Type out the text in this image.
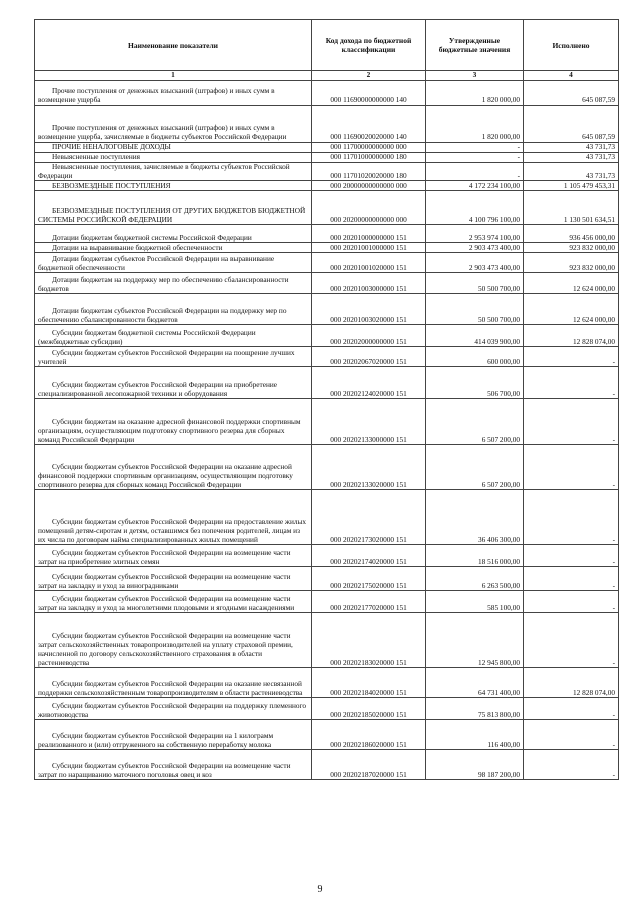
Наименование показатели	Код дохода по бюджетной классификации	Утвержденные бюджетные значения	Исполнено
1	2	3	4
Прочие поступления от денежных взысканий (штрафов) и иных сумм в возмещение ущерба	000 11690000000000 140	1 820 000,00	645 087,59
Прочие поступления от денежных взысканий (штрафов) и иных сумм в возмещение ущерба, зачисляемые в бюджеты субъектов Российской Федерации	000 11690020020000 140	1 820 000,00	645 087,59
ПРОЧИЕ НЕНАЛОГОВЫЕ ДОХОДЫ	000 11700000000000 000	-	43 731,73
Невыясненные поступления	000 11701000000000 180	-	43 731,73
Невыясненные поступления, зачисляемые в бюджеты субъектов Российской Федерации	000 11701020020000 180	-	43 731,73
БЕЗВОЗМЕЗДНЫЕ ПОСТУПЛЕНИЯ	000 20000000000000 000	4 172 234 100,00	1 105 479 453,31
БЕЗВОЗМЕЗДНЫЕ ПОСТУПЛЕНИЯ ОТ ДРУГИХ БЮДЖЕТОВ БЮДЖЕТНОЙ СИСТЕМЫ РОССИЙСКОЙ ФЕДЕРАЦИИ	000 20200000000000 000	4 100 796 100,00	1 130 501 634,51
Дотации бюджетам бюджетной системы Российской Федерации	000 20201000000000 151	2 953 974 100,00	936 456 000,00
Дотации на выравнивание бюджетной обеспеченности	000 20201001000000 151	2 903 473 400,00	923 832 000,00
Дотации бюджетам субъектов Российской Федерации на выравнивание бюджетной обеспеченности	000 20201001020000 151	2 903 473 400,00	923 832 000,00
Дотации бюджетам на поддержку мер по обеспечению сбалансированности бюджетов	000 20201003000000 151	50 500 700,00	12 624 000,00
Дотации бюджетам субъектов Российской Федерации на поддержку мер по обеспечению сбалансированности бюджетов	000 20201003020000 151	50 500 700,00	12 624 000,00
Субсидии бюджетам бюджетной системы Российской Федерации (межбюджетные субсидии)	000 20202000000000 151	414 039 900,00	12 828 074,00
Субсидии бюджетам субъектов Российской Федерации на поощрение лучших учителей	000 20202067020000 151	600 000,00	-
Субсидии бюджетам субъектов Российской Федерации на приобретение специализированной лесопожарной техники и оборудования	000 20202124020000 151	506 700,00	-
Субсидии бюджетам на оказание адресной финансовой поддержки спортивным организациям, осуществляющим подготовку спортивного резерва для сборных команд Российской Федерации	000 20202133000000 151	6 507 200,00	-
Субсидии бюджетам субъектов Российской Федерации на оказание адресной финансовой поддержки спортивным организациям, осуществляющим подготовку спортивного резерва для сборных команд Российской Федерации	000 20202133020000 151	6 507 200,00	-
Субсидии бюджетам субъектов Российской Федерации на предоставление жилых помещений детям-сиротам и детям, оставшимся без попечения родителей, лицам из их числа по договорам найма специализированных жилых помещений	000 20202173020000 151	36 406 300,00	-
Субсидии бюджетам субъектов Российской Федерации на возмещение части затрат на приобретение элитных семян	000 20202174020000 151	18 516 000,00	-
Субсидии бюджетам субъектов Российской Федерации на возмещение части затрат на закладку и уход за виноградниками	000 20202175020000 151	6 263 500,00	-
Субсидии бюджетам субъектов Российской Федерации на возмещение части затрат на закладку и уход за многолетними плодовыми и ягодными насаждениями	000 20202177020000 151	585 100,00	-
Субсидии бюджетам субъектов Российской Федерации на возмещение части затрат сельскохозяйственных товаропроизводителей на уплату страховой премии, начисленной по договору сельскохозяйственного страхования в области растениеводства	000 20202183020000 151	12 945 800,00	-
Субсидии бюджетам субъектов Российской Федерации на оказание несвязанной поддержки сельскохозяйственным товаропроизводителям в области растениеводства	000 20202184020000 151	64 731 400,00	12 828 074,00
Субсидии бюджетам субъектов Российской Федерации на поддержку племенного животноводства	000 20202185020000 151	75 813 800,00	-
Субсидии бюджетам субъектов Российской Федерации на 1 килограмм реализованного и (или) отгруженного на собственную переработку молока	000 20202186020000 151	116 400,00	-
Субсидии бюджетам субъектов Российской Федерации на возмещение части затрат по наращиванию маточного поголовья овец и коз	000 20202187020000 151	98 187 200,00	-
9
